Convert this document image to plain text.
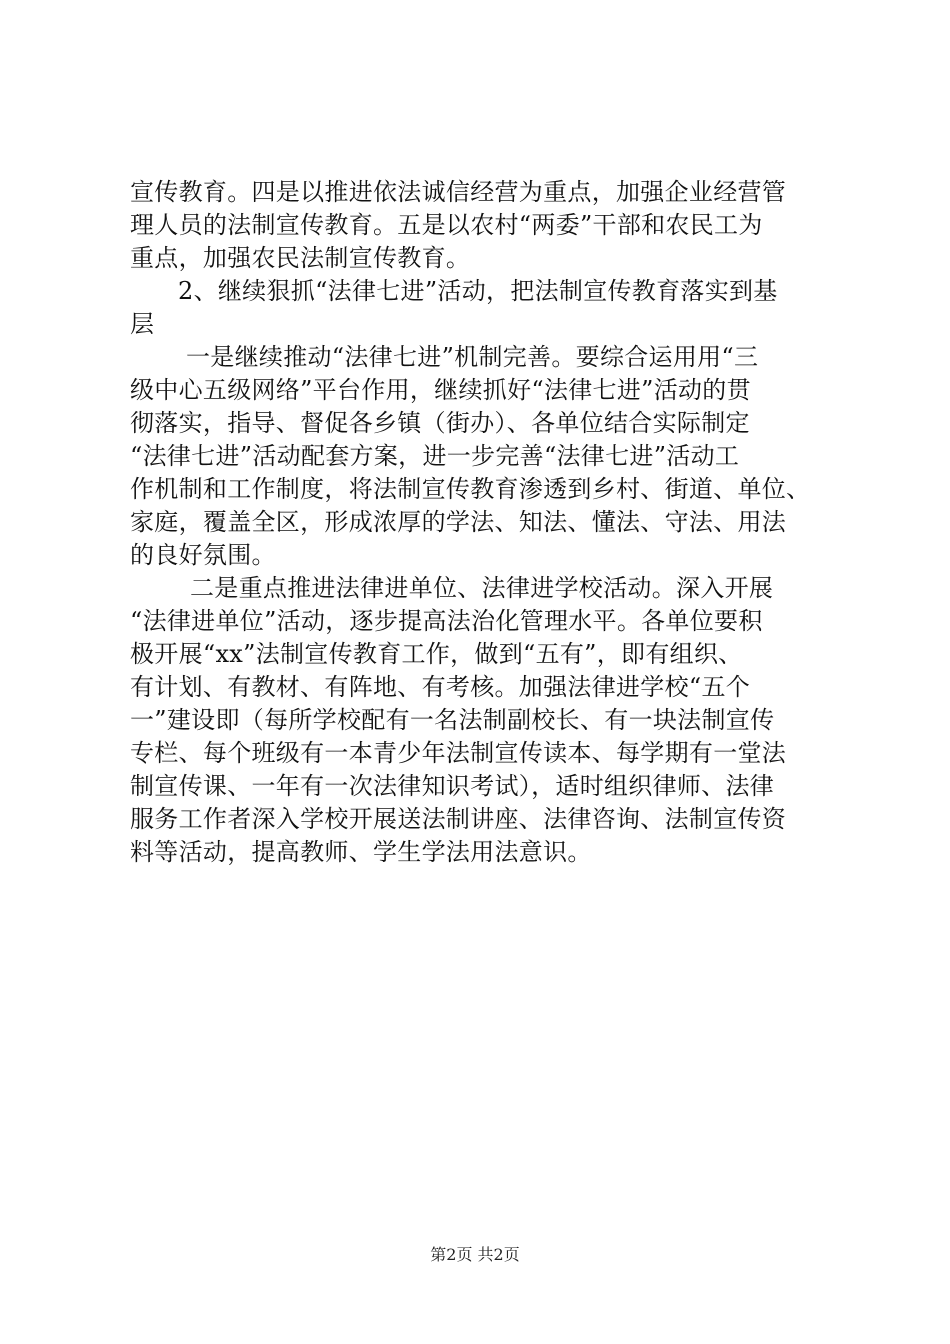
宣传教育。四是以推进依法诚信经营为重点，加强企业经营管
理人员的法制宣传教育。五是以农村“两委”干部和农民工为
重点，加强农民法制宣传教育。
2、继续狠抓“法律七进”活动，把法制宣传教育落实到基
层
一是继续推动“法律七进”机制完善。要综合运用用“三
级中心五级网络”平台作用，继续抓好“法律七进”活动的贯
彻落实，指导、督促各乡镇（街办）、各单位结合实际制定
“法律七进”活动配套方案，进一步完善“法律七进”活动工
作机制和工作制度，将法制宣传教育渗透到乡村、街道、单位、
家庭，覆盖全区，形成浓厚的学法、知法、懂法、守法、用法
的良好氛围。
二是重点推进法律进单位、法律进学校活动。深入开展
“法律进单位”活动，逐步提高法治化管理水平。各单位要积
极开展“xx”法制宣传教育工作，做到“五有”，即有组织、
有计划、有教材、有阵地、有考核。加强法律进学校“五个
一”建设即（每所学校配有一名法制副校长、有一块法制宣传
专栏、每个班级有一本青少年法制宣传读本、每学期有一堂法
制宣传课、一年有一次法律知识考试），适时组织律师、法律
服务工作者深入学校开展送法制讲座、法律咨询、法制宣传资
料等活动，提高教师、学生学法用法意识。
第2页 共2页
